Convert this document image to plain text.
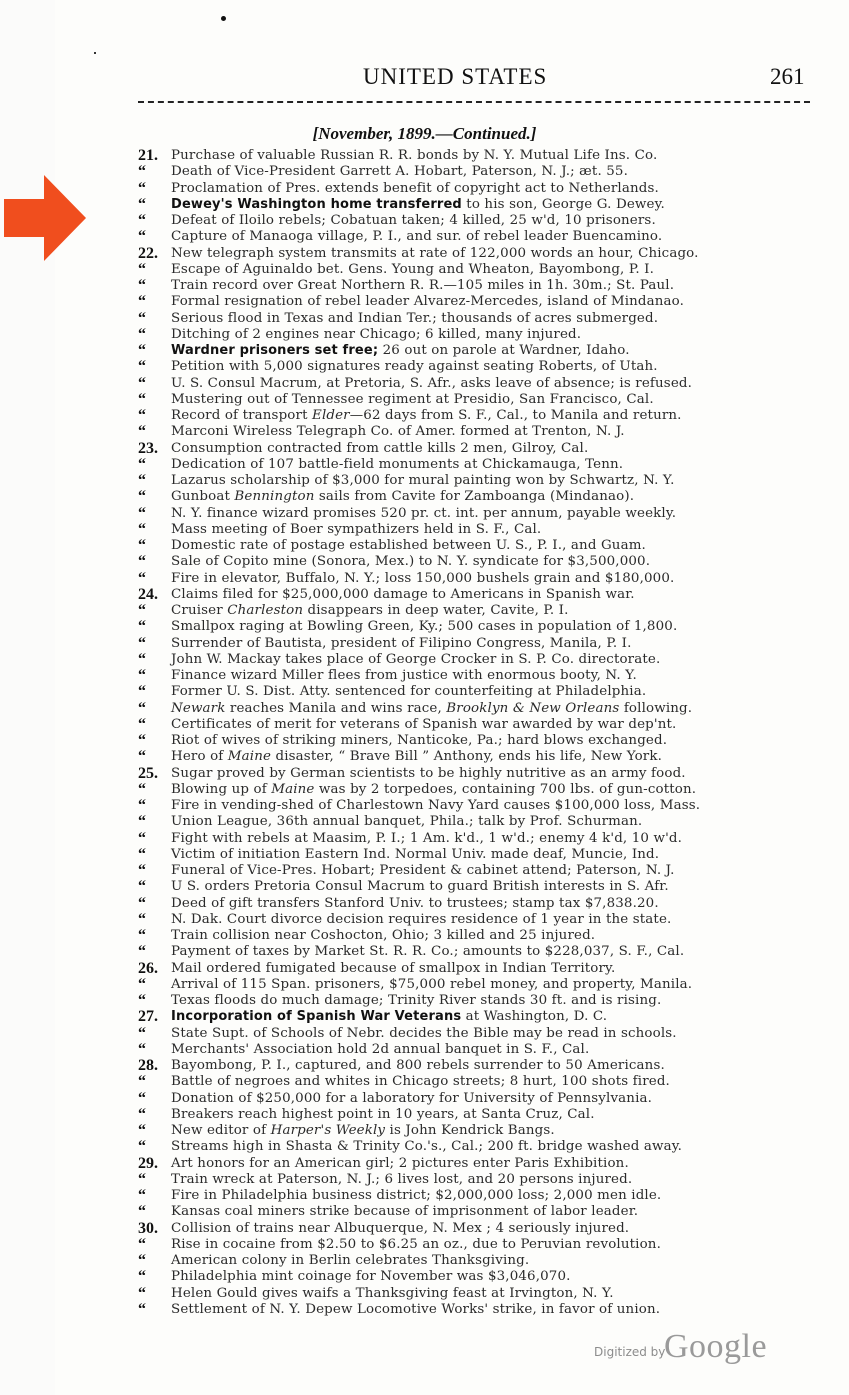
UNITED STATES	261
[November, 1899.—Continued.]
21. Purchase of valuable Russian R. R. bonds by N. Y. Mutual Life Ins. Co.
“	Death of Vice-President Garrett A. Hobart, Paterson, N. J.; æt. 55.
“	Proclamation of Pres. extends benefit of copyright act to Netherlands.
“	Dewey's Washington home transferred to his son, George G. Dewey.
“	Defeat of Iloilo rebels; Cobatuan taken; 4 killed, 25 w'd, 10 prisoners.
“	Capture of Manaoga village, P. I., and sur. of rebel leader Buencamino.
22. New telegraph system transmits at rate of 122,000 words an hour, Chicago.
“	Escape of Aguinaldo bet. Gens. Young and Wheaton, Bayombong, P. I.
“	Train record over Great Northern R. R.—105 miles in 1h. 30m.; St. Paul.
“	Formal resignation of rebel leader Alvarez-Mercedes, island of Mindanao.
“	Serious flood in Texas and Indian Ter.; thousands of acres submerged.
“	Ditching of 2 engines near Chicago; 6 killed, many injured.
“	Wardner prisoners set free; 26 out on parole at Wardner, Idaho.
“	Petition with 5,000 signatures ready against seating Roberts, of Utah.
“	U. S. Consul Macrum, at Pretoria, S. Afr., asks leave of absence; is refused.
“	Mustering out of Tennessee regiment at Presidio, San Francisco, Cal.
“	Record of transport Elder—62 days from S. F., Cal., to Manila and return.
“	Marconi Wireless Telegraph Co. of Amer. formed at Trenton, N. J.
23. Consumption contracted from cattle kills 2 men, Gilroy, Cal.
“	Dedication of 107 battle-field monuments at Chickamauga, Tenn.
“	Lazarus scholarship of $3,000 for mural painting won by Schwartz, N. Y.
“	Gunboat Bennington sails from Cavite for Zamboanga (Mindanao).
“	N. Y. finance wizard promises 520 pr. ct. int. per annum, payable weekly.
“	Mass meeting of Boer sympathizers held in S. F., Cal.
“	Domestic rate of postage established between U. S., P. I., and Guam.
“	Sale of Copito mine (Sonora, Mex.) to N. Y. syndicate for $3,500,000.
“	Fire in elevator, Buffalo, N. Y.; loss 150,000 bushels grain and $180,000.
24. Claims filed for $25,000,000 damage to Americans in Spanish war.
“	Cruiser Charleston disappears in deep water, Cavite, P. I.
“	Smallpox raging at Bowling Green, Ky.; 500 cases in population of 1,800.
“	Surrender of Bautista, president of Filipino Congress, Manila, P. I.
“	John W. Mackay takes place of George Crocker in S. P. Co. directorate.
“	Finance wizard Miller flees from justice with enormous booty, N. Y.
“	Former U. S. Dist. Atty. sentenced for counterfeiting at Philadelphia.
“	Newark reaches Manila and wins race, Brooklyn & New Orleans following.
“	Certificates of merit for veterans of Spanish war awarded by war dep'nt.
“	Riot of wives of striking miners, Nanticoke, Pa.; hard blows exchanged.
“	Hero of Maine disaster, “ Brave Bill ” Anthony, ends his life, New York.
25. Sugar proved by German scientists to be highly nutritive as an army food.
“	Blowing up of Maine was by 2 torpedoes, containing 700 lbs. of gun-cotton.
“	Fire in vending-shed of Charlestown Navy Yard causes $100,000 loss, Mass.
“	Union League, 36th annual banquet, Phila.; talk by Prof. Schurman.
“	Fight with rebels at Maasim, P. I.; 1 Am. k'd., 1 w'd.; enemy 4 k'd, 10 w'd.
“	Victim of initiation Eastern Ind. Normal Univ. made deaf, Muncie, Ind.
“	Funeral of Vice-Pres. Hobart; President & cabinet attend; Paterson, N. J.
“	U S. orders Pretoria Consul Macrum to guard British interests in S. Afr.
“	Deed of gift transfers Stanford Univ. to trustees; stamp tax $7,838.20.
“	N. Dak. Court divorce decision requires residence of 1 year in the state.
“	Train collision near Coshocton, Ohio; 3 killed and 25 injured.
“	Payment of taxes by Market St. R. R. Co.; amounts to $228,037, S. F., Cal.
26. Mail ordered fumigated because of smallpox in Indian Territory.
“	Arrival of 115 Span. prisoners, $75,000 rebel money, and property, Manila.
“	Texas floods do much damage; Trinity River stands 30 ft. and is rising.
27.	Incorporation of Spanish War Veterans at Washington, D. C.
“	State Supt. of Schools of Nebr. decides the Bible may be read in schools.
“	Merchants' Association hold 2d annual banquet in S. F., Cal.
28. Bayombong, P. I., captured, and 800 rebels surrender to 50 Americans.
“	Battle of negroes and whites in Chicago streets; 8 hurt, 100 shots fired.
“	Donation of $250,000 for a laboratory for University of Pennsylvania.
“	Breakers reach highest point in 10 years, at Santa Cruz, Cal.
“	New editor of Harper's Weekly is John Kendrick Bangs.
“	Streams high in Shasta & Trinity Co.'s., Cal.; 200 ft. bridge washed away.
29. Art honors for an American girl; 2 pictures enter Paris Exhibition.
“	Train wreck at Paterson, N. J.; 6 lives lost, and 20 persons injured.
“	Fire in Philadelphia business district; $2,000,000 loss; 2,000 men idle.
“	Kansas coal miners strike because of imprisonment of labor leader.
30. Collision of trains near Albuquerque, N. Mex ; 4 seriously injured.
“	Rise in cocaine from $2.50 to $6.25 an oz., due to Peruvian revolution.
“	American colony in Berlin celebrates Thanksgiving.
“	Philadelphia mint coinage for November was $3,046,070.
“	Helen Gould gives waifs a Thanksgiving feast at Irvington, N. Y.
“	Settlement of N. Y. Depew Locomotive Works' strike, in favor of union.
Digitized by
Google
